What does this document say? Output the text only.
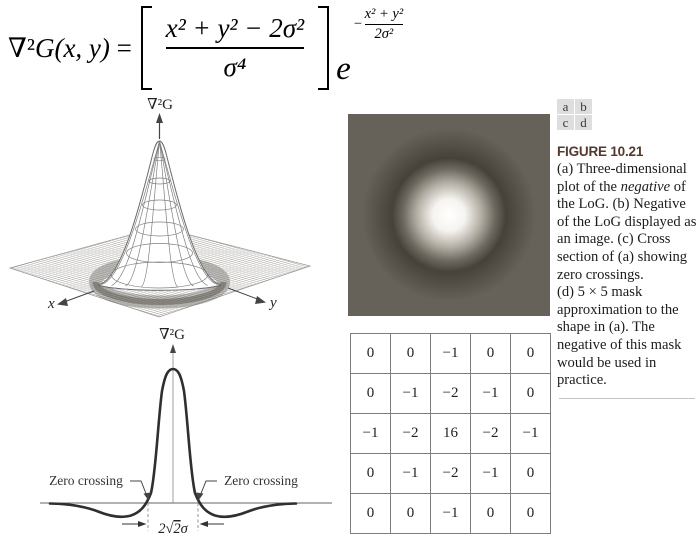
∇² G(x, $y) = \frac{\text{x² + y² − 2σ²}}{\text{σ⁴}}$ e
− $\frac{\text{x² + y²}}{\text{2σ²}}$
∇²G
x	y
∇²G
2√2σ
Zero crossing	Zero crossing
0	0	−1	0	0
0	−1	−2	−1	0
−1	−2	16	−2	−1
0	−1	−2	−1	0
0	0	−1	0	0
a b
c d
FIGURE 10.21
(a) Three-dimensional plot of the negative of the LoG. (b) Negative of the LoG displayed as an image. (c) Cross section of (a) showing zero crossings.
(d) 5 × 5 mask approximation to the shape in (a). The negative of this mask would be used in practice.
